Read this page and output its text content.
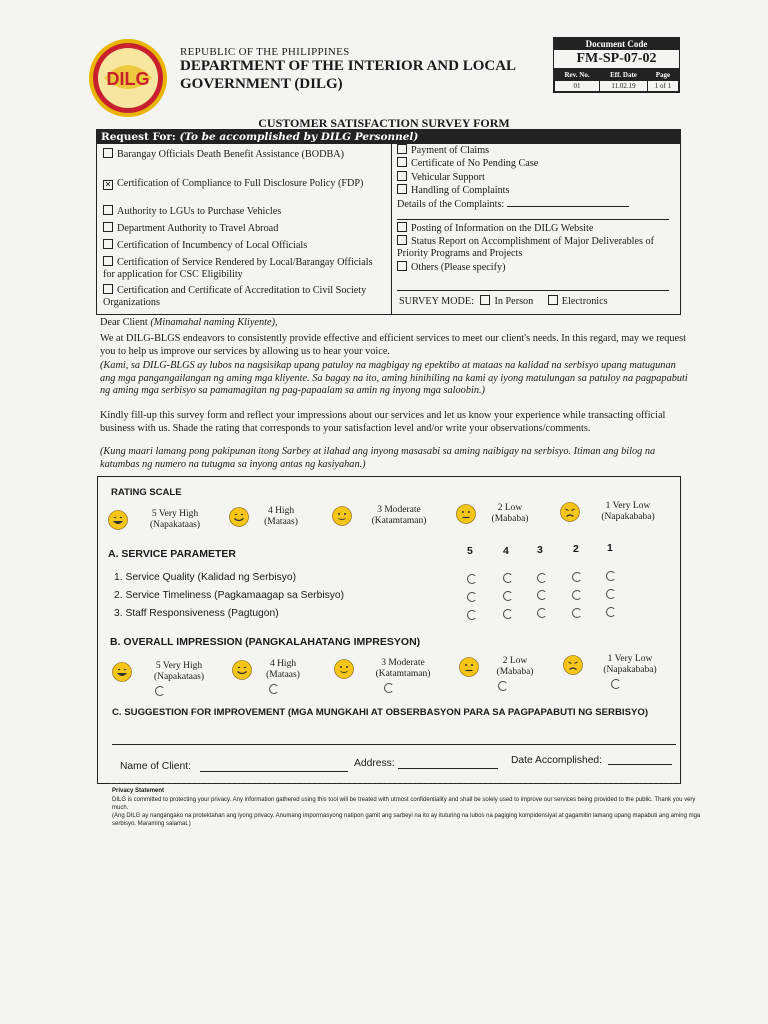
DILG
REPUBLIC OF THE PHILIPPINES
DEPARTMENT OF THE INTERIOR AND LOCAL GOVERNMENT (DILG)
Document Code
FM-SP-07-02
Rev. No.	Eff. Date	Page
01	11.02.19	1 of 1
CUSTOMER SATISFACTION SURVEY FORM
Request For: (To be accomplished by DILG Personnel)
Barangay Officials Death Benefit Assistance (BODBA)
✕ Certification of Compliance to Full Disclosure Policy (FDP)
Authority to LGUs to Purchase Vehicles
Department Authority to Travel Abroad
Certification of Incumbency of Local Officials
Certification of Service Rendered by Local/Barangay Officials for application for CSC Eligibility
Certification and Certificate of Accreditation to Civil Society Organizations
Payment of Claims
Certificate of No Pending Case
Vehicular Support
Handling of Complaints
Details of the Complaints:
Posting of Information on the DILG Website
Status Report on Accomplishment of Major Deliverables of Priority Programs and Projects
Others (Please specify)
SURVEY MODE: In Person	Electronics
Dear Client (Minamahal naming Kliyente),
We at DILG-BLGS endeavors to consistently provide effective and efficient services to meet our client's needs. In this regard, may we request you to help us improve our services by allowing us to hear your voice.
(Kami, sa DILG-BLGS ay lubos na nagsisikap upang patuloy na magbigay ng epektibo at mataas na kalidad na serbisyo upang matugunan ang mga pangangailangan ng aming mga kliyente. Sa bagay na ito, aming hinihiling na kami ay iyong matulungan sa patuloy na pagpapabuti ng aming mga serbisyo sa pamamagitan ng pag-papaalam sa amin ng inyong mga saloobin.)
Kindly fill-up this survey form and reflect your impressions about our services and let us know your experience while transacting official business with us. Shade the rating that corresponds to your satisfaction level and/or write your observations/comments.
(Kung maari lamang pong pakipunan itong Sarbey at ilahad ang inyong masasabi sa aming naibigay na serbisyo. Itiman ang bilog na katumbas ng numero na tutugma sa inyong antas ng kasiyahan.)
RATING SCALE
5 Very High
(Napakataas)
4 High
(Mataas)
3 Moderate
(Katamtaman)
2 Low
(Mababa)
1 Very Low
(Napakababa)
A. SERVICE PARAMETER	5	4	3	2	1
1. Service Quality (Kalidad ng Serbisyo)
2. Service Timeliness (Pagkamaagap sa Serbisyo)
3. Staff Responsiveness (Pagtugon)
B. OVERALL IMPRESSION (PANGKALAHATANG IMPRESYON)
5 Very High
(Napakataas)
4 High
(Mataas)
3 Moderate
(Katamtaman)
2 Low
(Mababa)
1 Very Low
(Napakababa)
C. SUGGESTION FOR IMPROVEMENT (MGA MUNGKAHI AT OBSERBASYON PARA SA PAGPAPABUTI NG SERBISYO)
Name of Client:	Address:	Date Accomplished:
Privacy Statement
DILG is committed to protecting your privacy. Any information gathered using this tool will be treated with utmost confidentiality and shall be solely used to improve our services being provided to the public. Thank you very much.
(Ang DILG ay nangangako na protektahan ang iyong privacy. Anumang impormasyong natipon gamit ang sarbeyi na ito ay ituturing na lubos na pagiging kompidensiyal at gagamitin lamang upang mapabuti ang aming mga serbisyo. Maraming salamat.)
